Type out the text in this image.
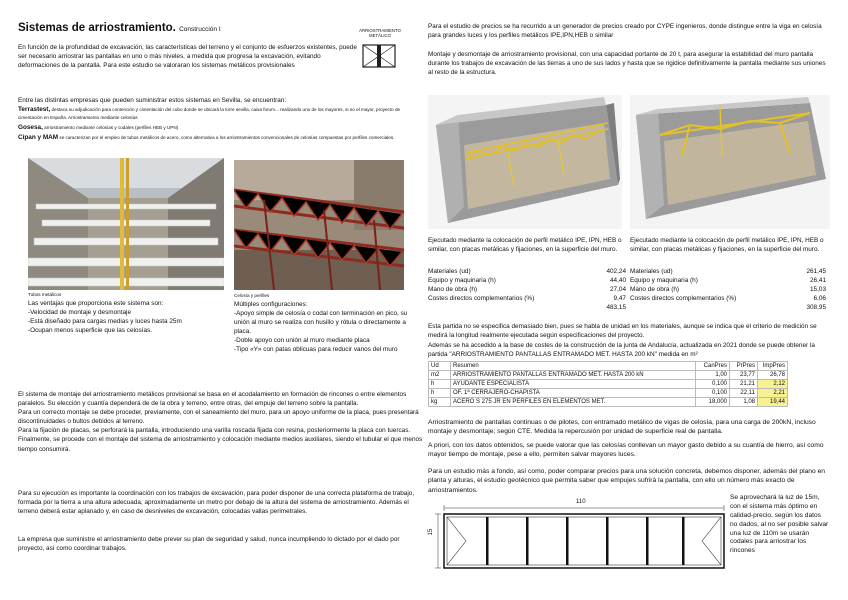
Sistemas de arriostramiento. Construcción I	ARRIOSTRAMIENTO METÁLICO
En función de la profundidad de excavación, las características del terreno y el conjunto de esfuerzos existentes, puede ser necesario arriostrar las pantallas en uno o más niveles, a medida que progresa la excavación, evitando deformaciones de la pantalla. Para este estudio se valoraran los sistemas metálicos provisionales
Entre las distintas empresas que pueden suministrar estos sistemas en Sevilla, se encuentran:
Terrastest, destaca su adjudicación para contención y cimentación del cubo donde se ubicará la torre sevilla. caixa forum... realizando uno de los mayores, si no el mayor, proyecto de cimentación en España. Arriostramiento mediante celosías
Gosesa, arriostramiento mediante celosías y codales (perfiles HEB y UPN)
Cipan y MAM se caracterizan por el empleo de tubos metálicos de acero, como alternativa a los arriostramientos convencionales de celosías compuestas por perfiles comerciales.
Tubos metálicos
Las ventajas que proporciona este sistema son:
-Velocidad de montaje y desmontaje
-Está diseñado para cargas medias y luces hasta 25m
-Ocupan menos superficie que las celosías.
Celosía y perfiles
Múltiples configuraciones:
-Apoyo simple de celosía o codal con terminación en pico, su unión al muro se realiza con husillo y rótula o directamente a placa.
-Doble apoyo con unión al muro mediante placa
-Tipo «Y» con patas oblicuas para reducir vanos del muro
El sistema de montaje del arriostramiento metálicos provisional se basa en el acodalamiento en formación de rincones o entre elementos paralelos. Su elección y cuantía dependerá de de la obra y terreno, entre otras, del empuje del terreno sobre la pantalla.
Para un correcto montaje se debe proceder, previamente, con el saneamiento del muro, para un apoyo uniforme de la placa, pues presentará discontinuidades o bultos debidos al terreno.
Para la fijación de placas, se perforará la pantalla, introduciendo una varilla roscada fijada con resina, posteriormente la placa con tuercas.
Finalmente, se procede con el montaje del sistema de arriostramiento y colocación mediante medios auxiliares, siendo el tubular el que menos tiempo consumirá.
Para su ejecución es importante la coordinación con los trabajos de excavación, para poder disponer de una correcta plataforma de trabajo, formada por la tierra a una altura adecuada, aproximadamente un metro por debajo de la altura del sistema de arriostramiento. Además el terreno deberá estar aplanado y, en caso de desniveles de excavación, colocadas vallas perimetrales.
La empresa que suministre el arriostramiento debe prever su plan de seguridad y salud, nunca incumpliendo lo dictado por el dado por proyecto, así como coordinar trabajos.
Para el estudio de precios se ha recurrido a un generador de precios creado por CYPE ingenieros, donde distingue entre la viga en celosía para grandes luces y los perfiles metálicos IPE,IPN,HEB o similar
Montaje y desmontaje de arriostramiento provisional, con una capacidad portante de 20 t, para asegurar la estabilidad del muro pantalla durante los trabajos de excavación de las tierras a uno de sus lados y hasta que se rigidice definitivamente la pantalla mediante sus uniones al resto de la estructura.
Ejecutado mediante la colocación de perfil metálico IPE, IPN, HEB o similar, con placas metálicas y fijaciones, en la superficie del muro.
Ejecutado mediante la colocación de perfil metálico IPE, IPN, HEB o similar, con placas metálicas y fijaciones, en la superficie del muro.
Materiales (ud)	402,24
Equipo y maquinaria (h)	44,40
Mano de obra (h)	27,04
Costes directos complementarios (%)	9,47
	483,15
Materiales (ud)	261,45
Equipo y maquinaria (h)	26,41
Mano de obra (h)	15,03
Costes directos complementarios (%)	6,06
	308,95
Esta partida no se especifica demasiado bien, pues se habla de unidad en los materiales, aunque se indica que el criterio de medición se medirá la longitud realmente ejecutada según especificaciones del proyecto.
Además se ha accedido a la base de costes de la construcción de la junta de Andalucía, actualizada en 2021 donde se puede obtener la partida "ARRIOSTRAMIENTO PANTALLAS ENTRAMADO MET. HASTA 200 kN" medida en m²
Ud	Resumen	CanPres	PrPres	ImpPres
m2	ARRIOSTRAMIENTO PANTALLAS ENTRAMADO MET. HASTA 200 kN	1,00	23,77	26,78
h	AYUDANTE ESPECIALISTA	0,100	21,21	2,12
h	OF. 1ª CERRAJERO-CHAPISTA	0,100	22,11	2,21
kg	ACERO S 275 JR EN PERFILES EN ELEMENTOS MET.	18,000	1,08	19,44
Arriostramiento de pantallas continuas o de pilotes, con entramado metálico de vigas de celosía, para una carga de 200kN, incluso montaje y desmontaje; según CTE. Medida la repercusión por unidad de superficie real de pantalla.
A priori, con los datos obtenidos, se puede valorar que las celosías conllevan un mayor gasto debido a su cuantía de hierro, así como mayor tiempo de montaje, pese a ello, permiten salvar mayores luces.
Para un estudio más a fondo, así como, poder comparar precios para una solución concreta, debemos disponer, además del plano en planta y alturas, el estudio geotécnico que permita saber que empujes sufrirá la pantalla, con ello un número más exacto de arriostramientos.
110
15
Se aprovechará la luz de 15m, con el sistema más óptimo en calidad-precio, según los datos no dados, al no ser posible salvar una luz de 110m se usarán codales para arriostrar los rincones
